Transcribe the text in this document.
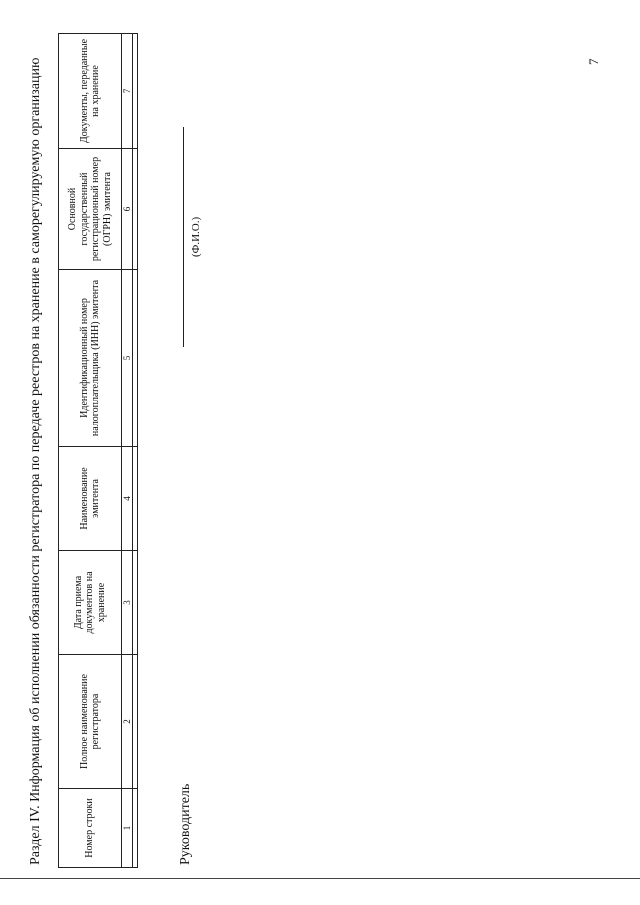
Раздел IV. Информация об исполнении обязанности регистратора по передаче реестров на хранение в саморегулируемую организацию	Номер строки	Полное наименование регистратора	Дата приема документов на хранение	Наименование эмитента	Идентификационный номер налогоплательщика (ИНН) эмитента	Основной государственный регистрационный номер (ОГРН) эмитента	Документы, переданные на хранение
1	2	3	4	5	6	7

Руководитель
(Ф.И.О.)
7
